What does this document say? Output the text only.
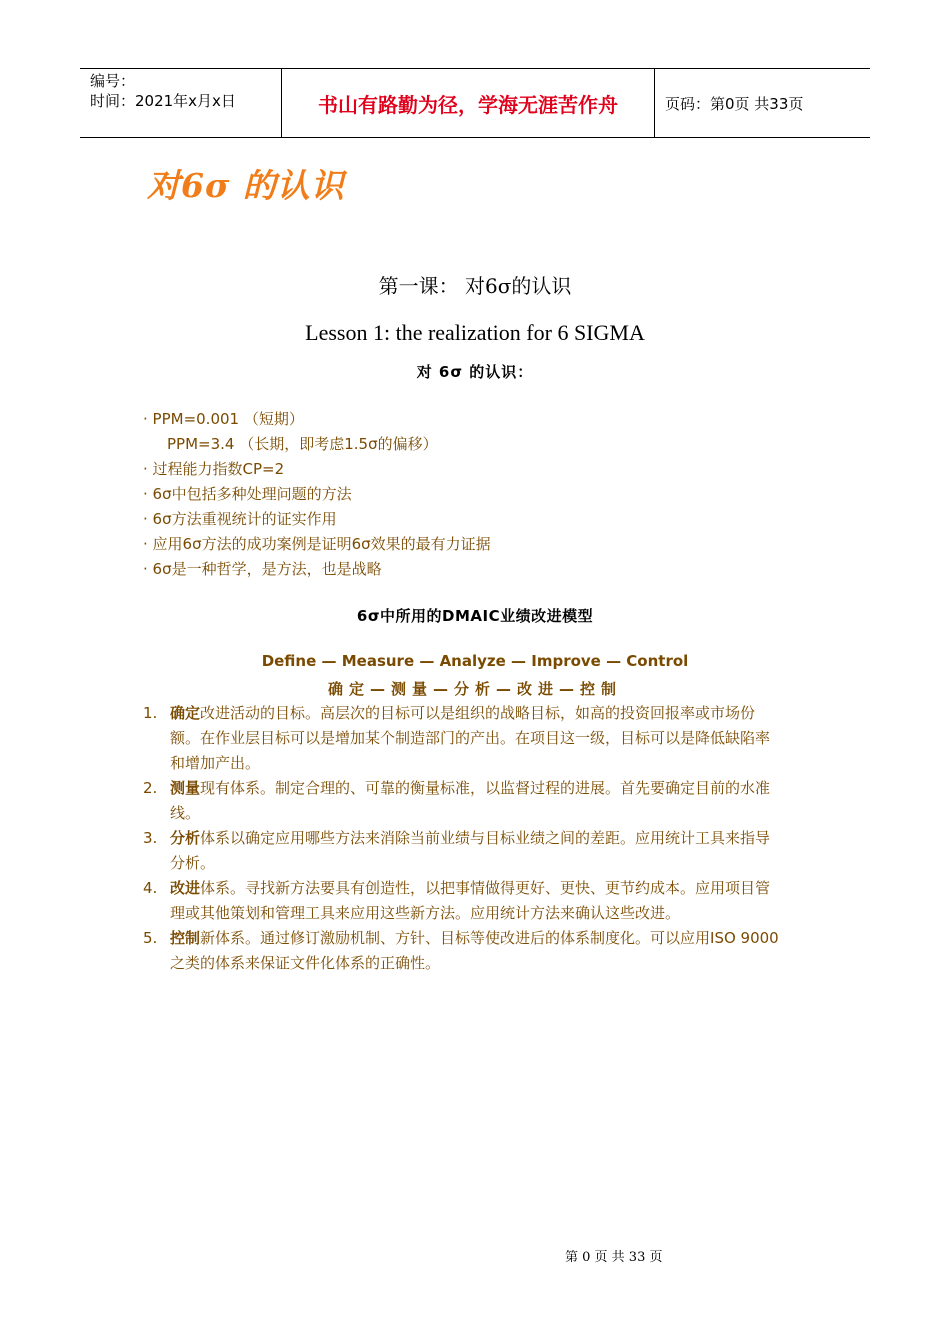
编号：
时间：2021年x月x日	书山有路勤为径，学海无涯苦作舟	页码：第0页 共33页
对6σ 的认识
第一课： 对6σ的认识
Lesson 1: the realization for 6 SIGMA
对 6σ 的认识：
· PPM=0.001 （短期）
PPM=3.4 （长期，即考虑1.5σ的偏移）
· 过程能力指数CP=2
· 6σ中包括多种处理问题的方法
· 6σ方法重视统计的证实作用
· 应用6σ方法的成功案例是证明6σ效果的最有力证据
· 6σ是一种哲学，是方法，也是战略
6σ中所用的DMAIC业绩改进模型
Define — Measure — Analyze — Improve — Control
确定—测量—分析—改进—控制
1. 确定改进活动的目标。高层次的目标可以是组织的战略目标，如高的投资回报率或市场份额。在作业层目标可以是增加某个制造部门的产出。在项目这一级，目标可以是降低缺陷率和增加产出。
2. 测量现有体系。制定合理的、可靠的衡量标准，以监督过程的进展。首先要确定目前的水准线。
3. 分析体系以确定应用哪些方法来消除当前业绩与目标业绩之间的差距。应用统计工具来指导分析。
4. 改进体系。寻找新方法要具有创造性，以把事情做得更好、更快、更节约成本。应用项目管理或其他策划和管理工具来应用这些新方法。应用统计方法来确认这些改进。
5. 控制新体系。通过修订激励机制、方针、目标等使改进后的体系制度化。可以应用ISO 9000之类的体系来保证文件化体系的正确性。
第 0 页 共 33 页
